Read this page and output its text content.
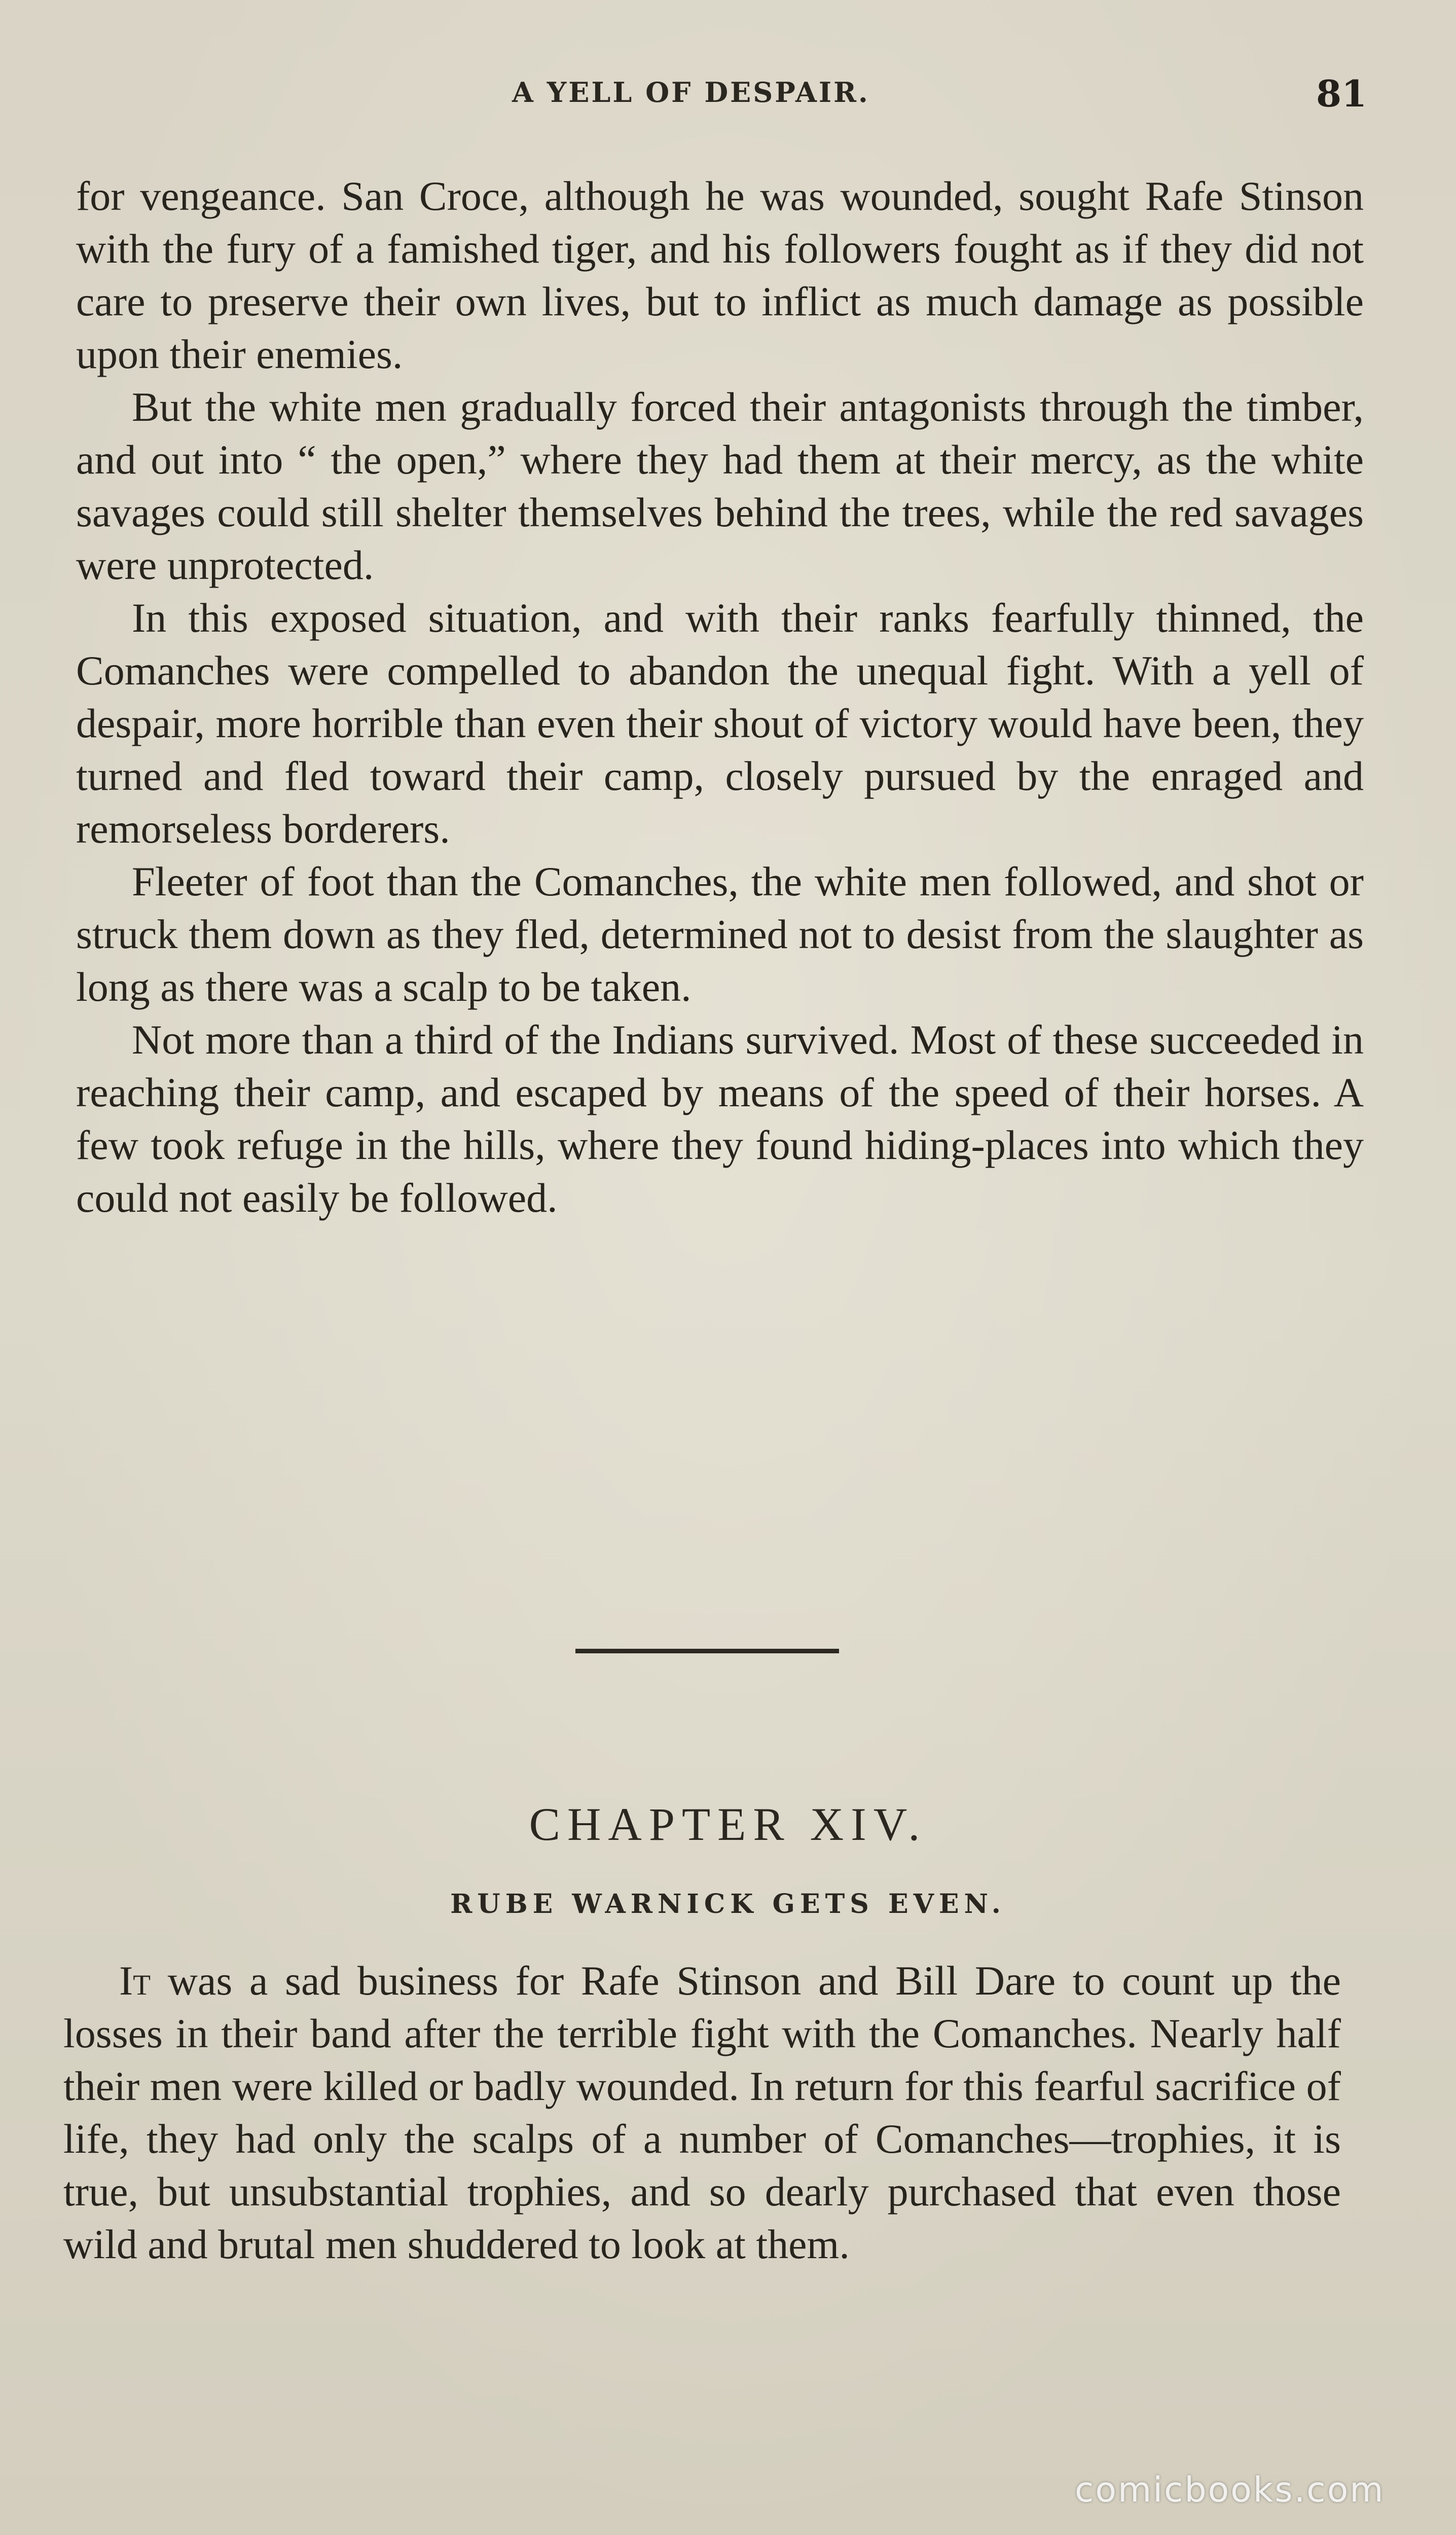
A YELL OF DESPAIR.	81

for vengeance. San Croce, although he was wounded, sought Rafe Stinson with the fury of a famished tiger, and his followers fought as if they did not care to preserve their own lives, but to inflict as much damage as possible upon their enemies.

But the white men gradually forced their antagonists through the timber, and out into “ the open,” where they had them at their mercy, as the white savages could still shelter themselves behind the trees, while the red savages were unprotected.

In this exposed situation, and with their ranks fearfully thinned, the Comanches were compelled to abandon the unequal fight. With a yell of despair, more horrible than even their shout of victory would have been, they turned and fled toward their camp, closely pursued by the enraged and remorseless borderers.

Fleeter of foot than the Comanches, the white men followed, and shot or struck them down as they fled, determined not to desist from the slaughter as long as there was a scalp to be taken.

Not more than a third of the Indians survived. Most of these succeeded in reaching their camp, and escaped by means of the speed of their horses. A few took refuge in the hills, where they found hiding-places into which they could not easily be followed.

CHAPTER XIV.
RUBE WARNICK GETS EVEN.

It was a sad business for Rafe Stinson and Bill Dare to count up the losses in their band after the terrible fight with the Comanches. Nearly half their men were killed or badly wounded. In return for this fearful sacrifice of life, they had only the scalps of a number of Comanches—trophies, it is true, but unsubstantial trophies, and so dearly purchased that even those wild and brutal men shuddered to look at them.

comicbooks.com
